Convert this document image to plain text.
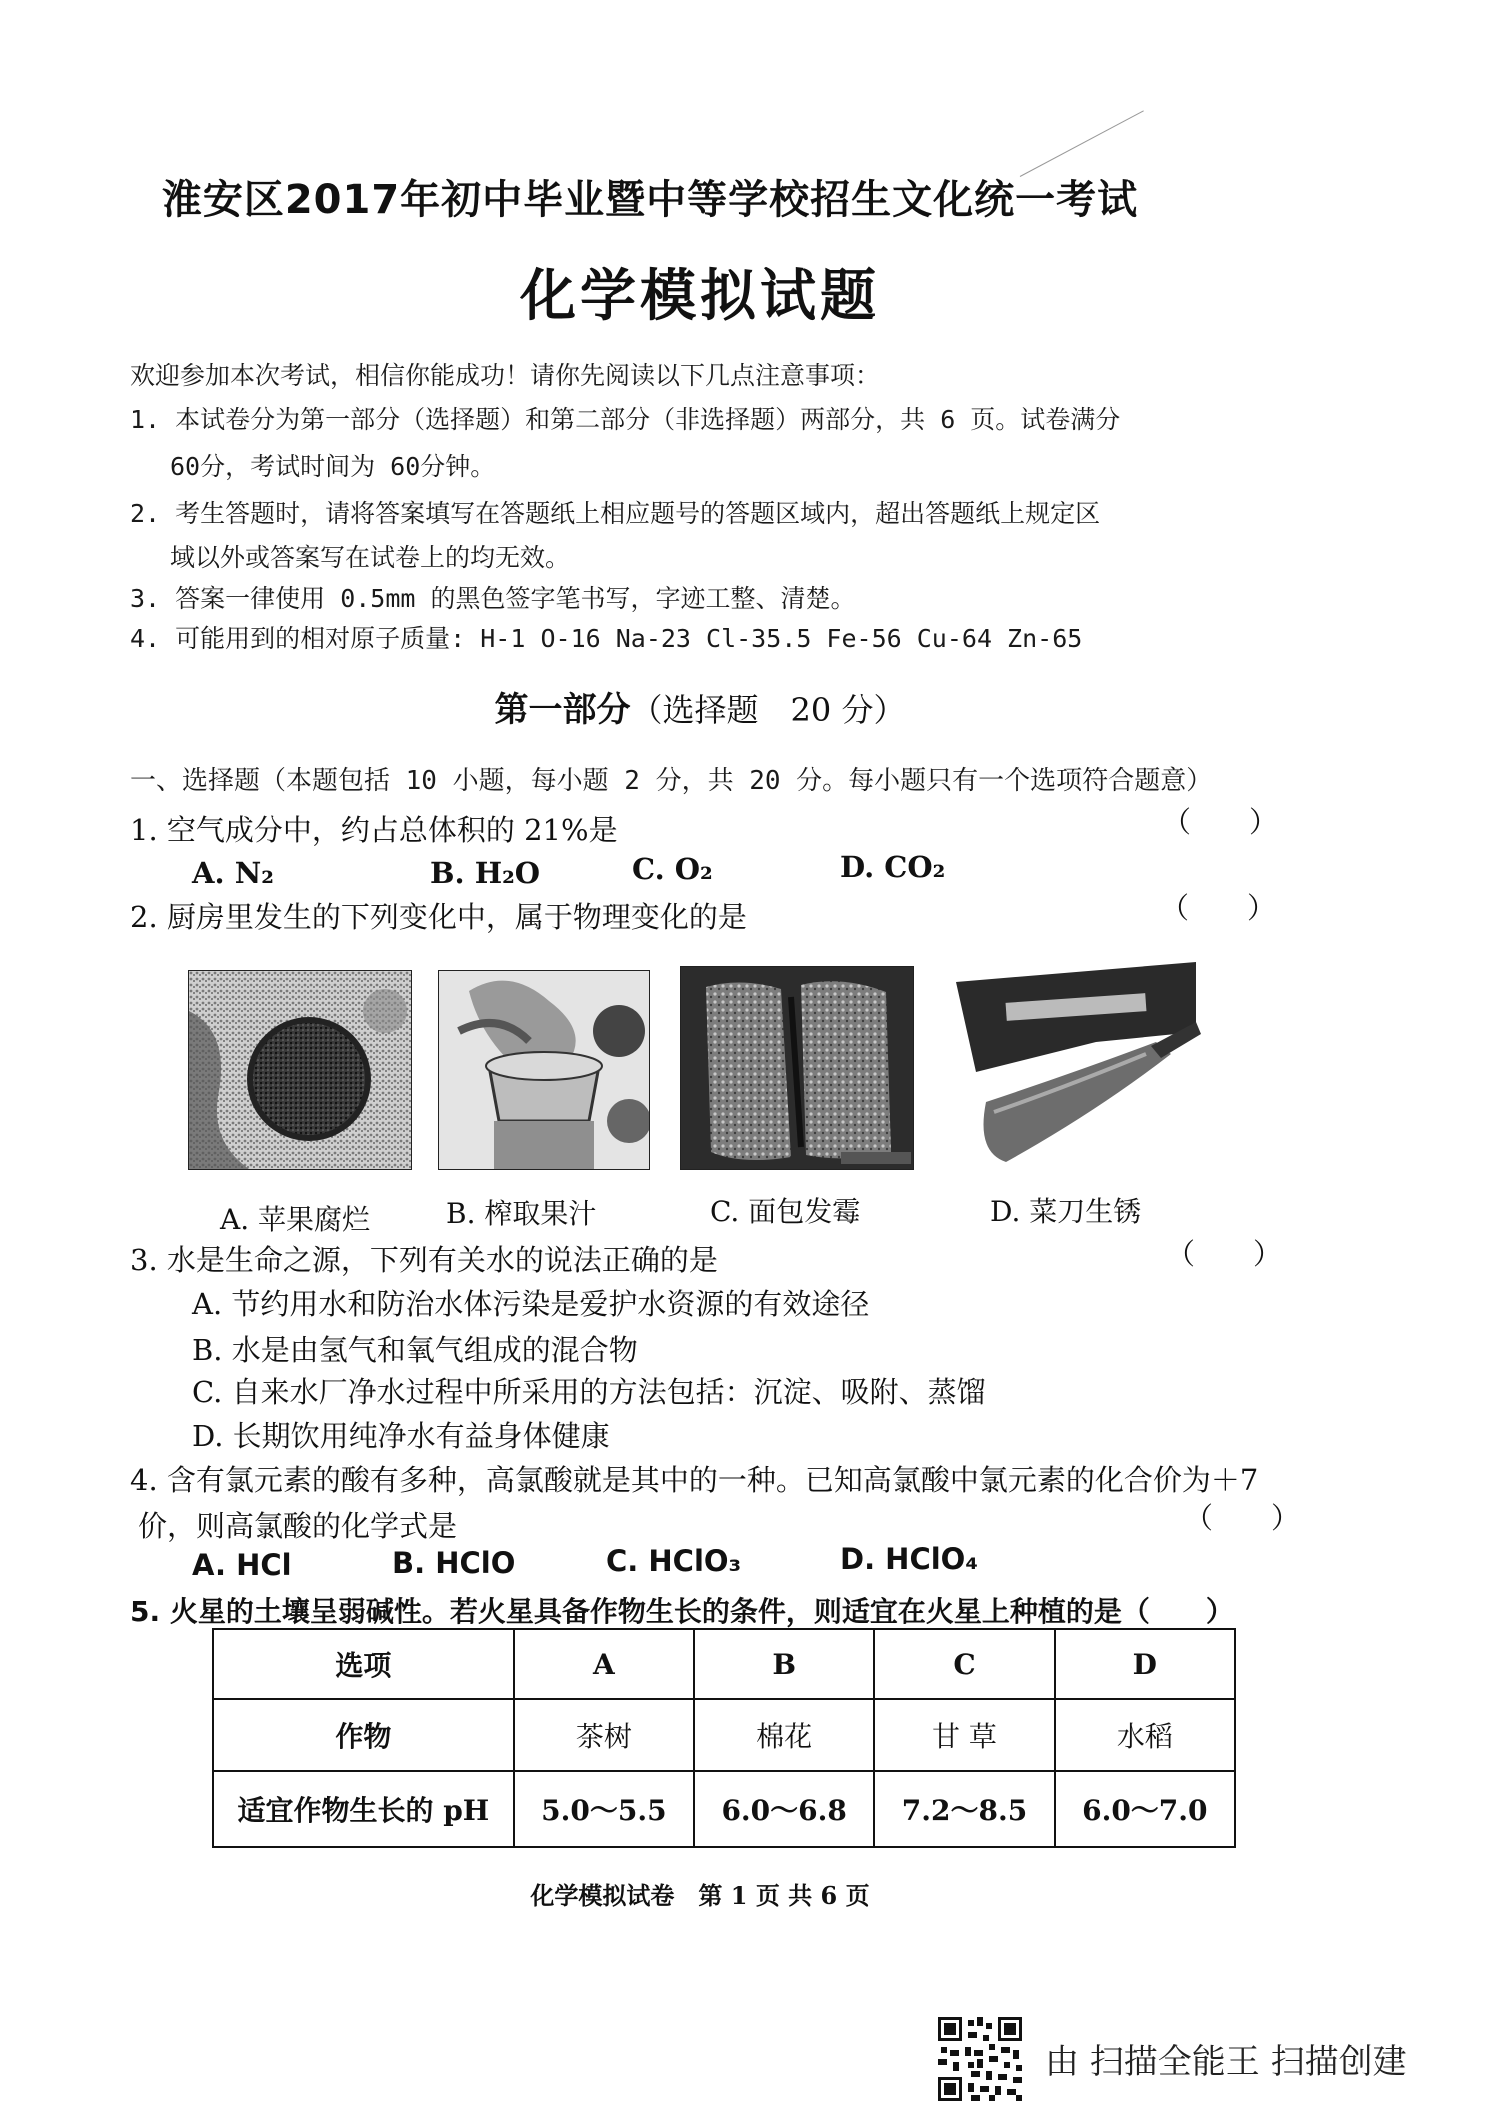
淮安区2017年初中毕业暨中等学校招生文化统一考试
化学模拟试题
欢迎参加本次考试，相信你能成功！请你先阅读以下几点注意事项：
1. 本试卷分为第一部分（选择题）和第二部分（非选择题）两部分，共 6 页。试卷满分
60分，考试时间为 60分钟。
2. 考生答题时，请将答案填写在答题纸上相应题号的答题区域内，超出答题纸上规定区
域以外或答案写在试卷上的均无效。
3. 答案一律使用 0.5mm 的黑色签字笔书写，字迹工整、清楚。
4. 可能用到的相对原子质量: H-1 O-16 Na-23 Cl-35.5 Fe-56 Cu-64 Zn-65
第一部分（选择题　20 分）
一、选择题（本题包括 10 小题，每小题 2 分，共 20 分。每小题只有一个选项符合题意）
1. 空气成分中，约占总体积的 21%是	（　　）
A. N₂	B. H₂O	C. O₂	D. CO₂
2. 厨房里发生的下列变化中，属于物理变化的是	（　　）
A. 苹果腐烂	B. 榨取果汁	C. 面包发霉	D. 菜刀生锈
3. 水是生命之源，下列有关水的说法正确的是	（　　）
A. 节约用水和防治水体污染是爱护水资源的有效途径
B. 水是由氢气和氧气组成的混合物
C. 自来水厂净水过程中所采用的方法包括：沉淀、吸附、蒸馏
D. 长期饮用纯净水有益身体健康
4. 含有氯元素的酸有多种，高氯酸就是其中的一种。已知高氯酸中氯元素的化合价为＋7
价，则高氯酸的化学式是	（　　）
A. HCl	B. HClO	C. HClO₃	D. HClO₄
5. 火星的土壤呈弱碱性。若火星具备作物生长的条件，则适宜在火星上种植的是（　　）
选项	A	B	C	D
作物	茶树	棉花	甘 草	水稻
适宜作物生长的 pH	5.0～5.5	6.0～6.8	7.2～8.5	6.0～7.0
化学模拟试卷　第 1 页 共 6 页
由 扫描全能王 扫描创建
